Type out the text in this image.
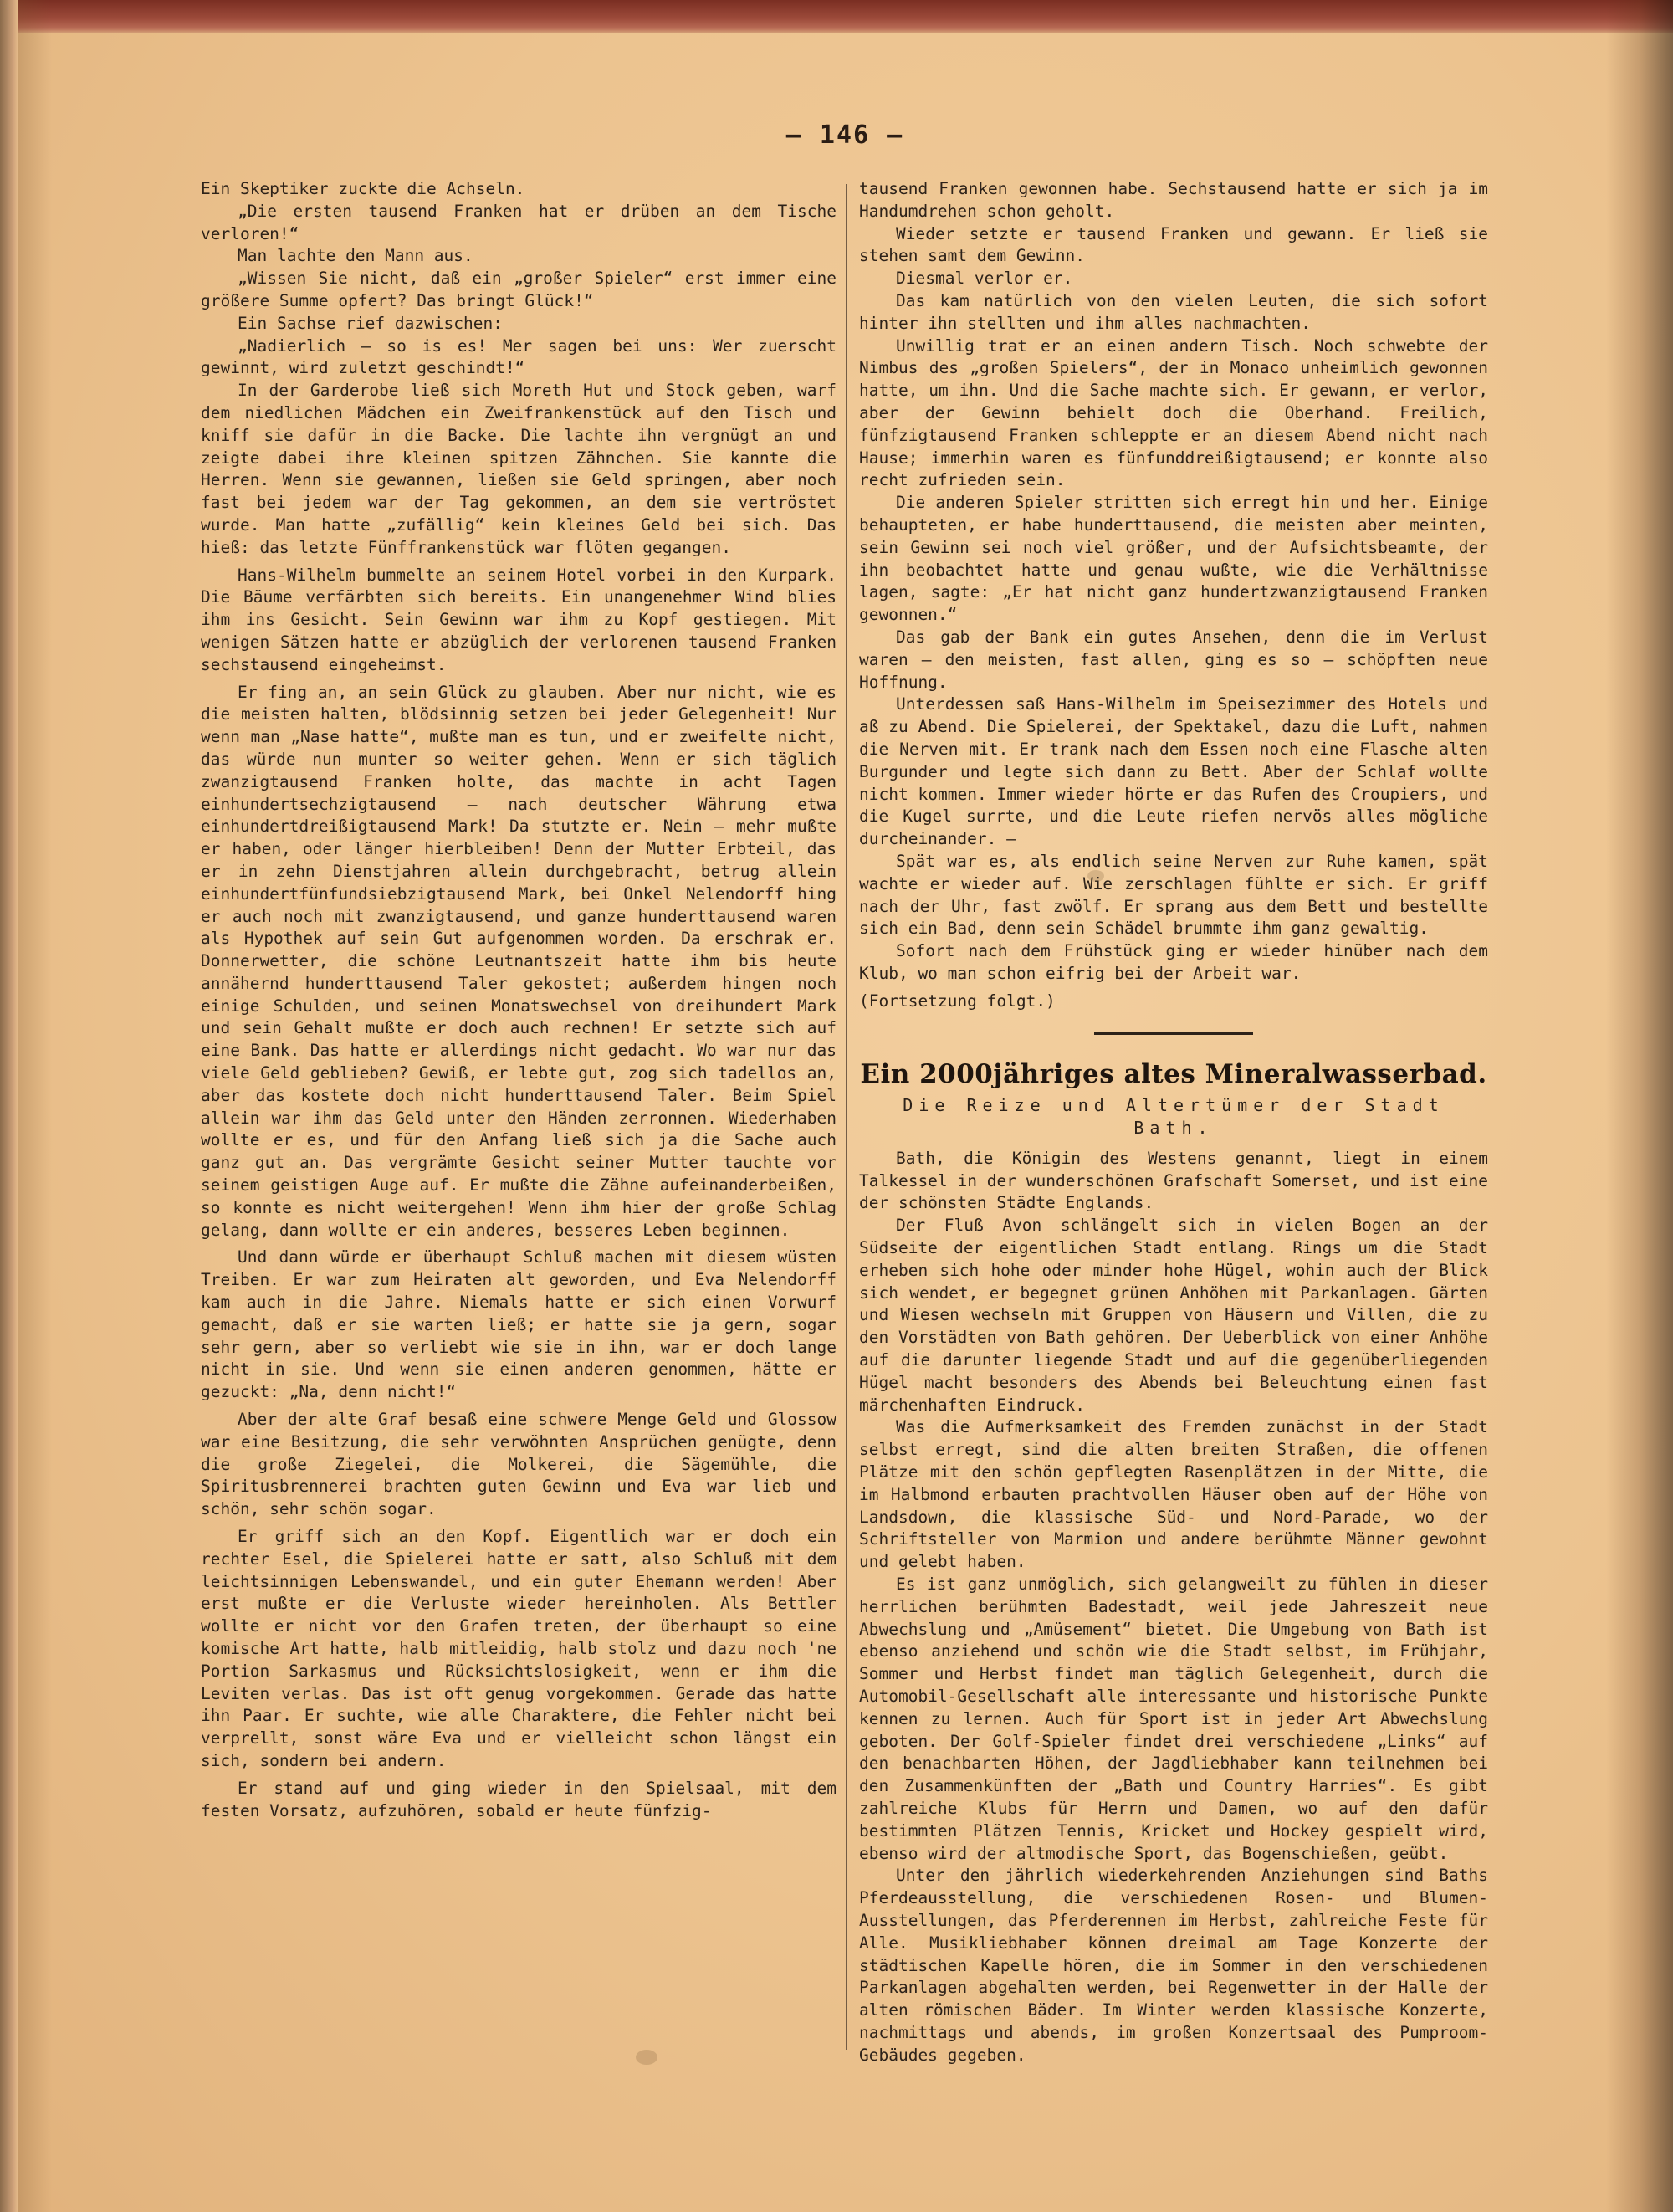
— 146 —

Ein Skeptiker zuckte die Achseln.

„Die ersten tausend Franken hat er drüben an dem Tische verloren!“

Man lachte den Mann aus.

„Wissen Sie nicht, daß ein „großer Spieler“ erst immer eine größere Summe opfert? Das bringt Glück!“

Ein Sachse rief dazwischen:

„Nadierlich — so is es! Mer sagen bei uns: Wer zuerscht gewinnt, wird zuletzt geschindt!“

In der Garderobe ließ sich Moreth Hut und Stock geben, warf dem niedlichen Mädchen ein Zweifrankenstück auf den Tisch und kniff sie dafür in die Backe. Die lachte ihn vergnügt an und zeigte dabei ihre kleinen spitzen Zähnchen. Sie kannte die Herren. Wenn sie gewannen, ließen sie Geld springen, aber noch fast bei jedem war der Tag gekommen, an dem sie vertröstet wurde. Man hatte „zufällig“ kein kleines Geld bei sich. Das hieß: das letzte Fünffrankenstück war flöten gegangen.

Hans-Wilhelm bummelte an seinem Hotel vorbei in den Kurpark. Die Bäume verfärbten sich bereits. Ein unangenehmer Wind blies ihm ins Gesicht. Sein Gewinn war ihm zu Kopf gestiegen. Mit wenigen Sätzen hatte er abzüglich der verlorenen tausend Franken sechstausend eingeheimst.

Er fing an, an sein Glück zu glauben. Aber nur nicht, wie es die meisten halten, blödsinnig setzen bei jeder Gelegenheit! Nur wenn man „Nase hatte“, mußte man es tun, und er zweifelte nicht, das würde nun munter so weiter gehen. Wenn er sich täglich zwanzigtausend Franken holte, das machte in acht Tagen einhundertsechzigtausend — nach deutscher Währung etwa einhundertdreißigtausend Mark! Da stutzte er. Nein — mehr mußte er haben, oder länger hierbleiben! Denn der Mutter Erbteil, das er in zehn Dienstjahren allein durchgebracht, betrug allein einhundertfünfundsiebzigtausend Mark, bei Onkel Nelendorff hing er auch noch mit zwanzigtausend, und ganze hunderttausend waren als Hypothek auf sein Gut aufgenommen worden. Da erschrak er. Donnerwetter, die schöne Leutnantszeit hatte ihm bis heute annähernd hunderttausend Taler gekostet; außerdem hingen noch einige Schulden, und seinen Monatswechsel von dreihundert Mark und sein Gehalt mußte er doch auch rechnen! Er setzte sich auf eine Bank. Das hatte er allerdings nicht gedacht. Wo war nur das viele Geld geblieben? Gewiß, er lebte gut, zog sich tadellos an, aber das kostete doch nicht hunderttausend Taler. Beim Spiel allein war ihm das Geld unter den Händen zerronnen. Wiederhaben wollte er es, und für den Anfang ließ sich ja die Sache auch ganz gut an. Das vergrämte Gesicht seiner Mutter tauchte vor seinem geistigen Auge auf. Er mußte die Zähne aufeinanderbeißen, so konnte es nicht weitergehen! Wenn ihm hier der große Schlag gelang, dann wollte er ein anderes, besseres Leben beginnen.

Und dann würde er überhaupt Schluß machen mit diesem wüsten Treiben. Er war zum Heiraten alt geworden, und Eva Nelendorff kam auch in die Jahre. Niemals hatte er sich einen Vorwurf gemacht, daß er sie warten ließ; er hatte sie ja gern, sogar sehr gern, aber so verliebt wie sie in ihn, war er doch lange nicht in sie. Und wenn sie einen anderen genommen, hätte er gezuckt: „Na, denn nicht!“

Aber der alte Graf besaß eine schwere Menge Geld und Glossow war eine Besitzung, die sehr verwöhnten Ansprüchen genügte, denn die große Ziegelei, die Molkerei, die Sägemühle, die Spiritusbrennerei brachten guten Gewinn und Eva war lieb und schön, sehr schön sogar.

Er griff sich an den Kopf. Eigentlich war er doch ein rechter Esel, die Spielerei hatte er satt, also Schluß mit dem leichtsinnigen Lebenswandel, und ein guter Ehemann werden! Aber erst mußte er die Verluste wieder hereinholen. Als Bettler wollte er nicht vor den Grafen treten, der überhaupt so eine komische Art hatte, halb mitleidig, halb stolz und dazu noch 'ne Portion Sarkasmus und Rücksichtslosigkeit, wenn er ihm die Leviten verlas. Das ist oft genug vorgekommen. Gerade das hatte ihn Paar. Er suchte, wie alle Charaktere, die Fehler nicht bei verprellt, sonst wäre Eva und er vielleicht schon längst ein sich, sondern bei andern.

Er stand auf und ging wieder in den Spielsaal, mit dem festen Vorsatz, aufzuhören, sobald er heute fünfzig-

tausend Franken gewonnen habe. Sechstausend hatte er sich ja im Handumdrehen schon geholt.

Wieder setzte er tausend Franken und gewann. Er ließ sie stehen samt dem Gewinn.

Diesmal verlor er.

Das kam natürlich von den vielen Leuten, die sich sofort hinter ihn stellten und ihm alles nachmachten.

Unwillig trat er an einen andern Tisch. Noch schwebte der Nimbus des „großen Spielers“, der in Monaco unheimlich gewonnen hatte, um ihn. Und die Sache machte sich. Er gewann, er verlor, aber der Gewinn behielt doch die Oberhand. Freilich, fünfzigtausend Franken schleppte er an diesem Abend nicht nach Hause; immerhin waren es fünfunddreißigtausend; er konnte also recht zufrieden sein.

Die anderen Spieler stritten sich erregt hin und her. Einige behaupteten, er habe hunderttausend, die meisten aber meinten, sein Gewinn sei noch viel größer, und der Aufsichtsbeamte, der ihn beobachtet hatte und genau wußte, wie die Verhältnisse lagen, sagte: „Er hat nicht ganz hundertzwanzigtausend Franken gewonnen.“

Das gab der Bank ein gutes Ansehen, denn die im Verlust waren — den meisten, fast allen, ging es so — schöpften neue Hoffnung.

Unterdessen saß Hans-Wilhelm im Speisezimmer des Hotels und aß zu Abend. Die Spielerei, der Spektakel, dazu die Luft, nahmen die Nerven mit. Er trank nach dem Essen noch eine Flasche alten Burgunder und legte sich dann zu Bett. Aber der Schlaf wollte nicht kommen. Immer wieder hörte er das Rufen des Croupiers, und die Kugel surrte, und die Leute riefen nervös alles mögliche durcheinander. —

Spät war es, als endlich seine Nerven zur Ruhe kamen, spät wachte er wieder auf. Wie zerschlagen fühlte er sich. Er griff nach der Uhr, fast zwölf. Er sprang aus dem Bett und bestellte sich ein Bad, denn sein Schädel brummte ihm ganz gewaltig.

Sofort nach dem Frühstück ging er wieder hinüber nach dem Klub, wo man schon eifrig bei der Arbeit war.

(Fortsetzung folgt.)

Ein 2000jähriges altes Mineralwasserbad.
Die Reize und Altertümer der Stadt Bath.

Bath, die Königin des Westens genannt, liegt in einem Talkessel in der wunderschönen Grafschaft Somerset, und ist eine der schönsten Städte Englands.

Der Fluß Avon schlängelt sich in vielen Bogen an der Südseite der eigentlichen Stadt entlang. Rings um die Stadt erheben sich hohe oder minder hohe Hügel, wohin auch der Blick sich wendet, er begegnet grünen Anhöhen mit Parkanlagen. Gärten und Wiesen wechseln mit Gruppen von Häusern und Villen, die zu den Vorstädten von Bath gehören. Der Ueberblick von einer Anhöhe auf die darunter liegende Stadt und auf die gegenüberliegenden Hügel macht besonders des Abends bei Beleuchtung einen fast märchenhaften Eindruck.

Was die Aufmerksamkeit des Fremden zunächst in der Stadt selbst erregt, sind die alten breiten Straßen, die offenen Plätze mit den schön gepflegten Rasenplätzen in der Mitte, die im Halbmond erbauten prachtvollen Häuser oben auf der Höhe von Landsdown, die klassische Süd- und Nord-Parade, wo der Schriftsteller von Marmion und andere berühmte Männer gewohnt und gelebt haben.

Es ist ganz unmöglich, sich gelangweilt zu fühlen in dieser herrlichen berühmten Badestadt, weil jede Jahreszeit neue Abwechslung und „Amüsement“ bietet. Die Umgebung von Bath ist ebenso anziehend und schön wie die Stadt selbst, im Frühjahr, Sommer und Herbst findet man täglich Gelegenheit, durch die Automobil-Gesellschaft alle interessante und historische Punkte kennen zu lernen. Auch für Sport ist in jeder Art Abwechslung geboten. Der Golf-Spieler findet drei verschiedene „Links“ auf den benachbarten Höhen, der Jagdliebhaber kann teilnehmen bei den Zusammenkünften der „Bath und Country Harries“. Es gibt zahlreiche Klubs für Herrn und Damen, wo auf den dafür bestimmten Plätzen Tennis, Kricket und Hockey gespielt wird, ebenso wird der altmodische Sport, das Bogenschießen, geübt.

Unter den jährlich wiederkehrenden Anziehungen sind Baths Pferdeausstellung, die verschiedenen Rosen- und Blumen-Ausstellungen, das Pferderennen im Herbst, zahlreiche Feste für Alle. Musikliebhaber können dreimal am Tage Konzerte der städtischen Kapelle hören, die im Sommer in den verschiedenen Parkanlagen abgehalten werden, bei Regenwetter in der Halle der alten römischen Bäder. Im Winter werden klassische Konzerte, nachmittags und abends, im großen Konzertsaal des Pumproom-Gebäudes gegeben.
